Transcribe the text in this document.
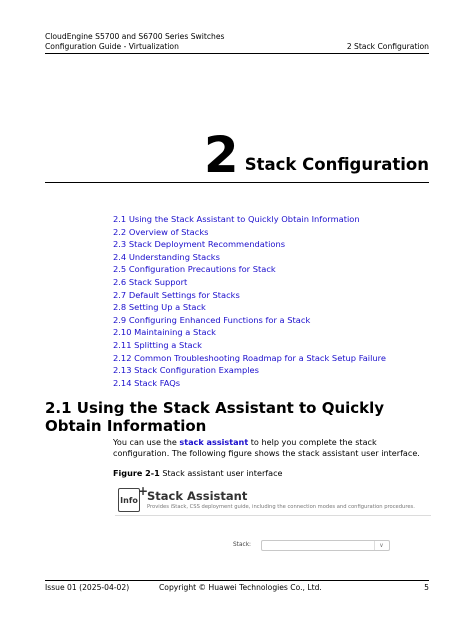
CloudEngine S5700 and S6700 Series Switches
Configuration Guide - Virtualization	2 Stack Configuration
2 Stack Configuration
2.1 Using the Stack Assistant to Quickly Obtain Information
2.2 Overview of Stacks
2.3 Stack Deployment Recommendations
2.4 Understanding Stacks
2.5 Configuration Precautions for Stack
2.6 Stack Support
2.7 Default Settings for Stacks
2.8 Setting Up a Stack
2.9 Configuring Enhanced Functions for a Stack
2.10 Maintaining a Stack
2.11 Splitting a Stack
2.12 Common Troubleshooting Roadmap for a Stack Setup Failure
2.13 Stack Configuration Examples
2.14 Stack FAQs
2.1 Using the Stack Assistant to Quickly Obtain Information

You can use the stack assistant to help you complete the stack configuration. The following figure shows the stack assistant user interface.

Figure 2-1 Stack assistant user interface

Info
+
Stack Assistant
Provides iStack, CSS deployment guide, including the connection modes and configuration procedures.
Stack:	∨
Issue 01 (2025-04-02)	Copyright © Huawei Technologies Co., Ltd.	5
